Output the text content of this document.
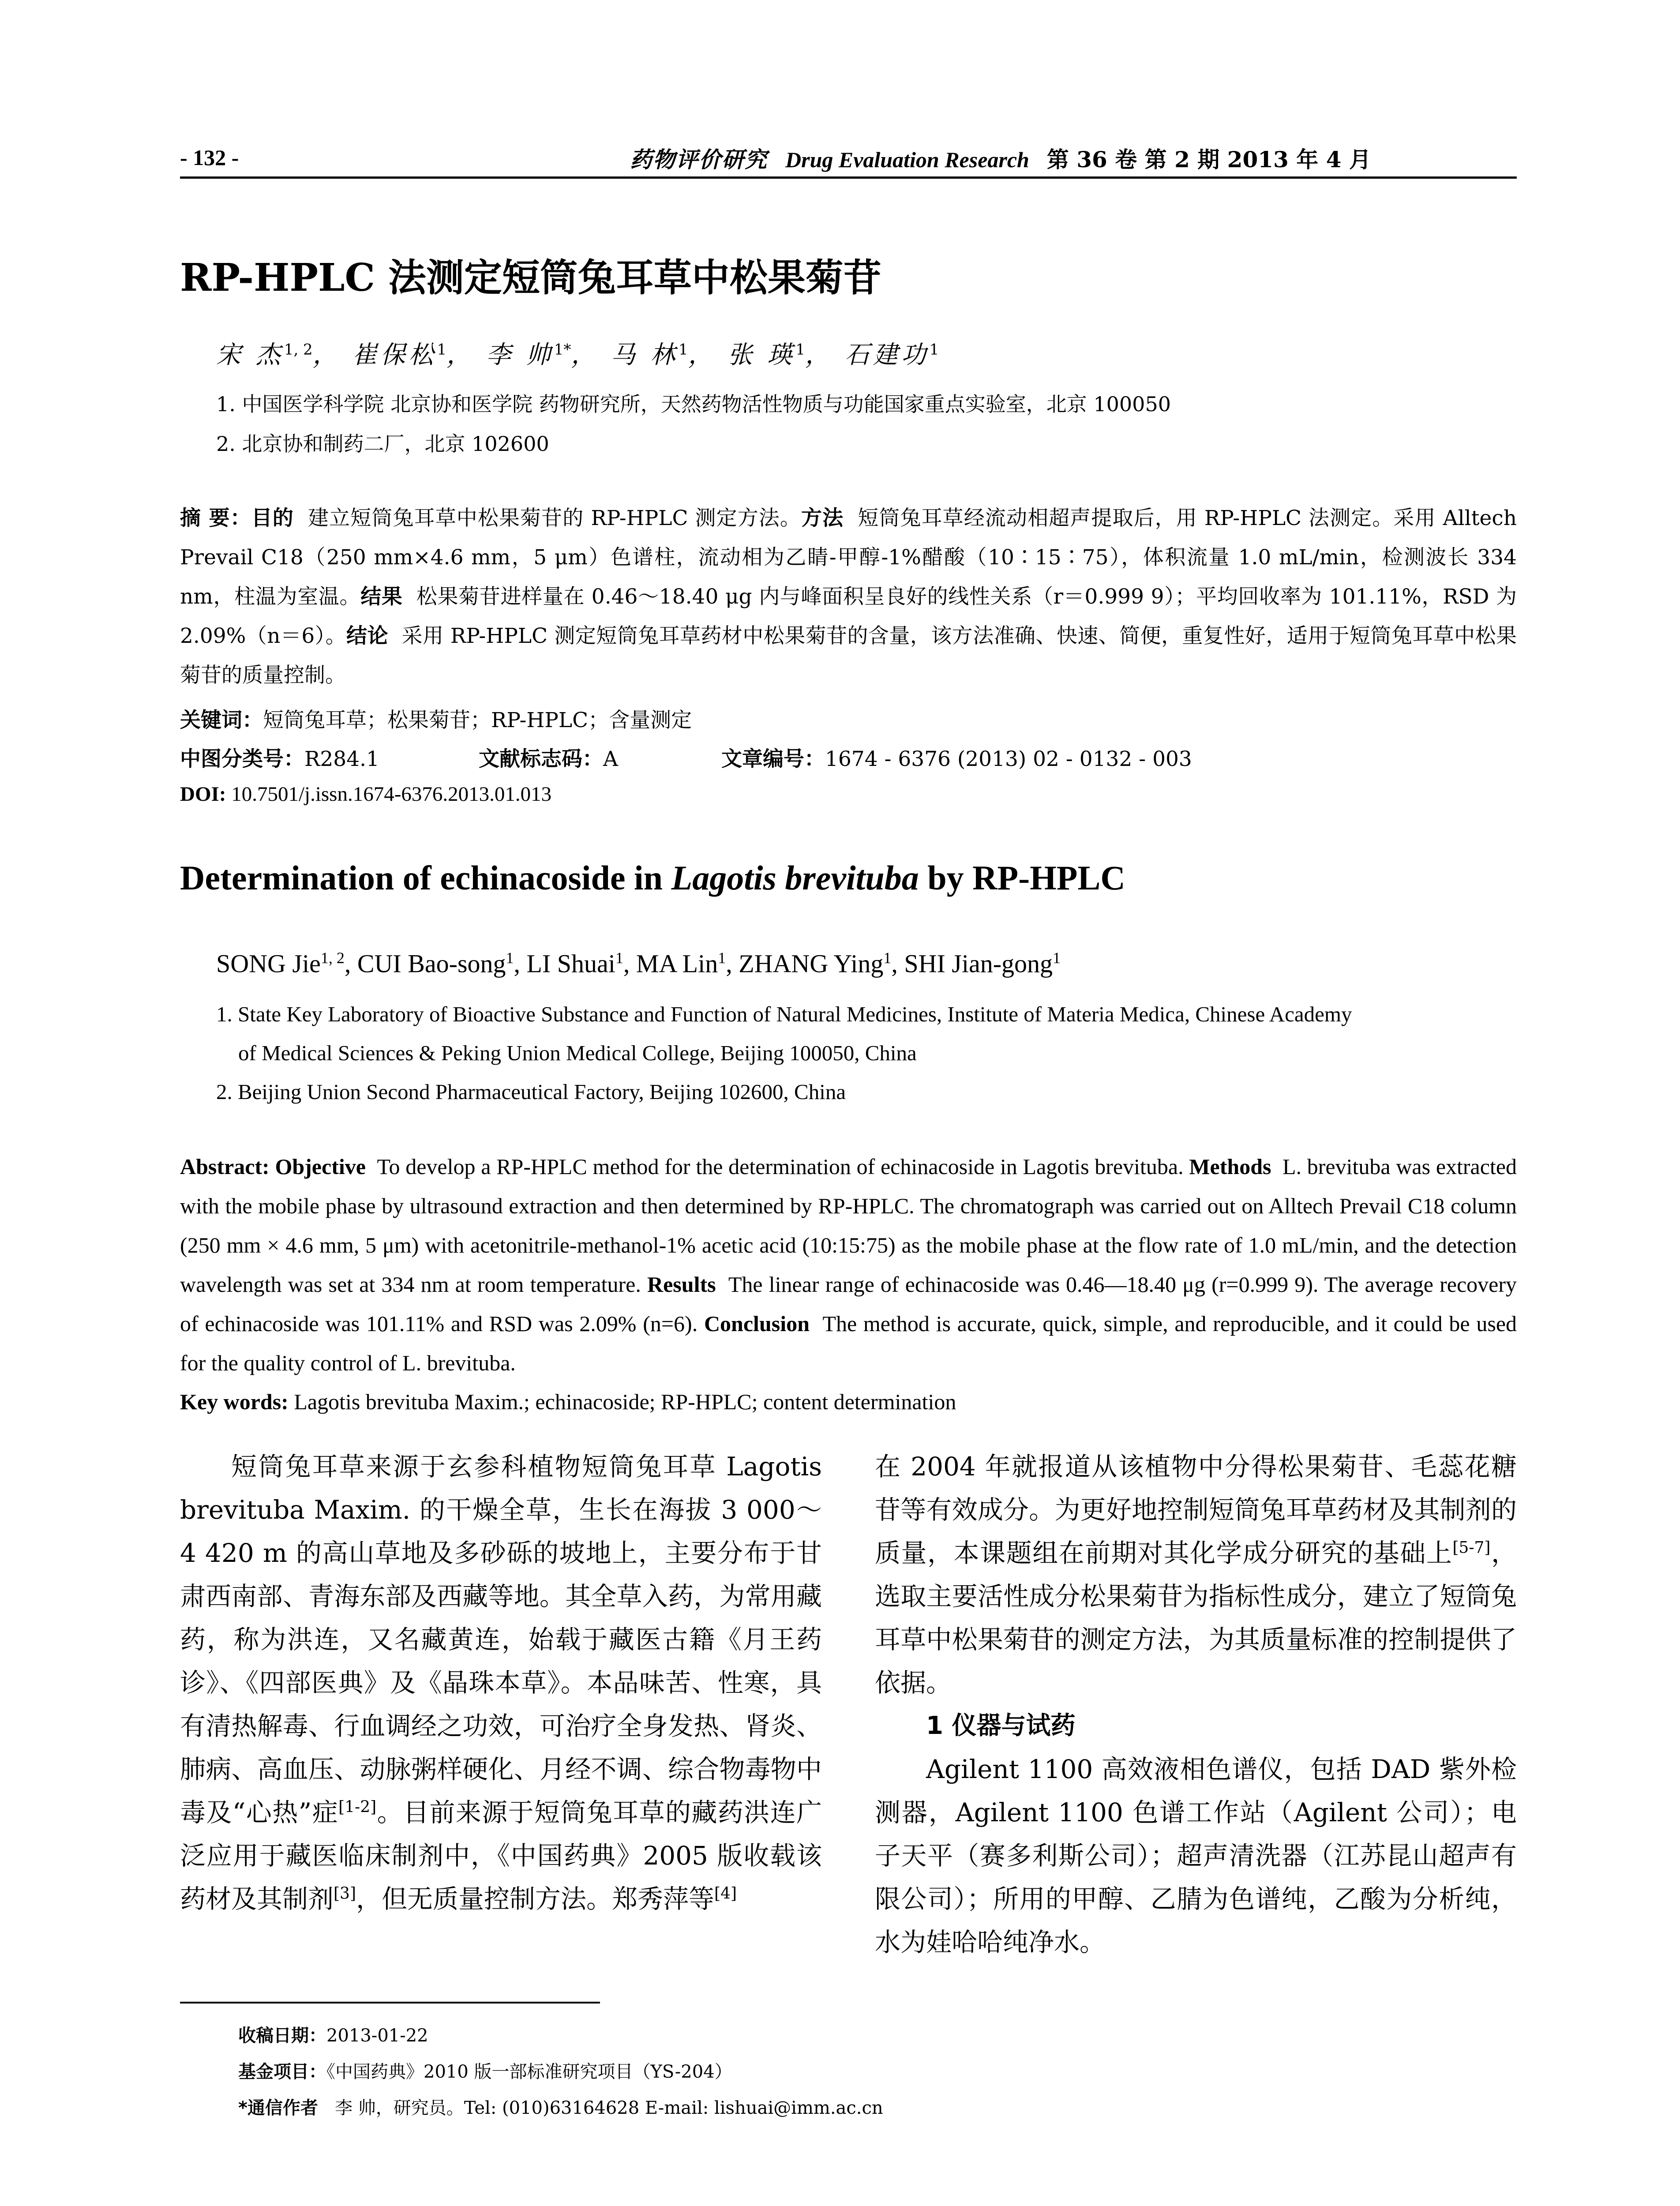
- 132 -	药物评价研究 Drug Evaluation Research 第 36 卷 第 2 期 2013 年 4 月
RP-HPLC 法测定短筒兔耳草中松果菊苷
宋 杰$^{1, 2}$， 崔保松$^1$， 李 帅$^{1*}$， 马 林$^1$， 张 瑛$^1$， 石建功$^1$
1. 中国医学科学院 北京协和医学院 药物研究所，天然药物活性物质与功能国家重点实验室，北京 100050
2. 北京协和制药二厂，北京 102600
摘 要：目的 建立短筒兔耳草中松果菊苷的 RP-HPLC 测定方法。方法 短筒兔耳草经流动相超声提取后，用 RP-HPLC 法测定。采用 Alltech Prevail C18（250 mm×4.6 mm，5 μm）色谱柱，流动相为乙睛-甲醇-1%醋酸（10∶15∶75），体积流量 1.0 mL/min，检测波长 334 nm，柱温为室温。结果 松果菊苷进样量在 0.46～18.40 μg 内与峰面积呈良好的线性关系（r＝0.999 9）；平均回收率为 101.11%，RSD 为 2.09%（n＝6）。结论 采用 RP-HPLC 测定短筒兔耳草药材中松果菊苷的含量，该方法准确、快速、简便，重复性好，适用于短筒兔耳草中松果菊苷的质量控制。
关键词：短筒兔耳草；松果菊苷；RP-HPLC；含量测定
中图分类号：R284.1	文献标志码：A	文章编号：1674 - 6376 (2013) 02 - 0132 - 003
DOI: 10.7501/j.issn.1674-6376.2013.01.013
Determination of echinacoside in Lagotis brevituba by RP-HPLC
SONG Jie$^{1, 2}$, CUI Bao-song$^1$, LI Shuai$^1$, MA Lin$^1$, ZHANG Ying$^1$, SHI Jian-gong$^1$
1. State Key Laboratory of Bioactive Substance and Function of Natural Medicines, Institute of Materia Medica, Chinese Academy
of Medical Sciences & Peking Union Medical College, Beijing 100050, China
2. Beijing Union Second Pharmaceutical Factory, Beijing 102600, China
Abstract: Objective To develop a RP-HPLC method for the determination of echinacoside in Lagotis brevituba. Methods L. brevituba was extracted with the mobile phase by ultrasound extraction and then determined by RP-HPLC. The chromatograph was carried out on Alltech Prevail C18 column (250 mm × 4.6 mm, 5 μm) with acetonitrile-methanol-1% acetic acid (10:15:75) as the mobile phase at the flow rate of 1.0 mL/min, and the detection wavelength was set at 334 nm at room temperature. Results The linear range of echinacoside was 0.46—18.40 μg (r=0.999 9). The average recovery of echinacoside was 101.11% and RSD was 2.09% (n=6). Conclusion The method is accurate, quick, simple, and reproducible, and it could be used for the quality control of L. brevituba.
Key words: Lagotis brevituba Maxim.; echinacoside; RP-HPLC; content determination

短筒兔耳草来源于玄参科植物短筒兔耳草 Lagotis brevituba Maxim. 的干燥全草，生长在海拔 3 000～4 420 m 的高山草地及多砂砾的坡地上，主要分布于甘肃西南部、青海东部及西藏等地。其全草入药，为常用藏药，称为洪连，又名藏黄连，始载于藏医古籍《月王药诊》、《四部医典》及《晶珠本草》。本品味苦、性寒，具有清热解毒、行血调经之功效，可治疗全身发热、肾炎、肺病、高血压、动脉粥样硬化、月经不调、综合物毒物中毒及“心热”症[1-2]。目前来源于短筒兔耳草的藏药洪连广泛应用于藏医临床制剂中，《中国药典》2005 版收载该药材及其制剂[3]，但无质量控制方法。郑秀萍等[4]

在 2004 年就报道从该植物中分得松果菊苷、毛蕊花糖苷等有效成分。为更好地控制短筒兔耳草药材及其制剂的质量，本课题组在前期对其化学成分研究的基础上[5-7]，选取主要活性成分松果菊苷为指标性成分，建立了短筒兔耳草中松果菊苷的测定方法，为其质量标准的控制提供了依据。

1 仪器与试药

Agilent 1100 高效液相色谱仪，包括 DAD 紫外检测器，Agilent 1100 色谱工作站（Agilent 公司）；电子天平（赛多利斯公司）；超声清洗器（江苏昆山超声有限公司）；所用的甲醇、乙腈为色谱纯，乙酸为分析纯，水为娃哈哈纯净水。

收稿日期：2013-01-22
基金项目：《中国药典》2010 版一部标准研究项目（YS-204）
*通信作者 李 帅，研究员。Tel: (010)63164628 E-mail: lishuai@imm.ac.cn
